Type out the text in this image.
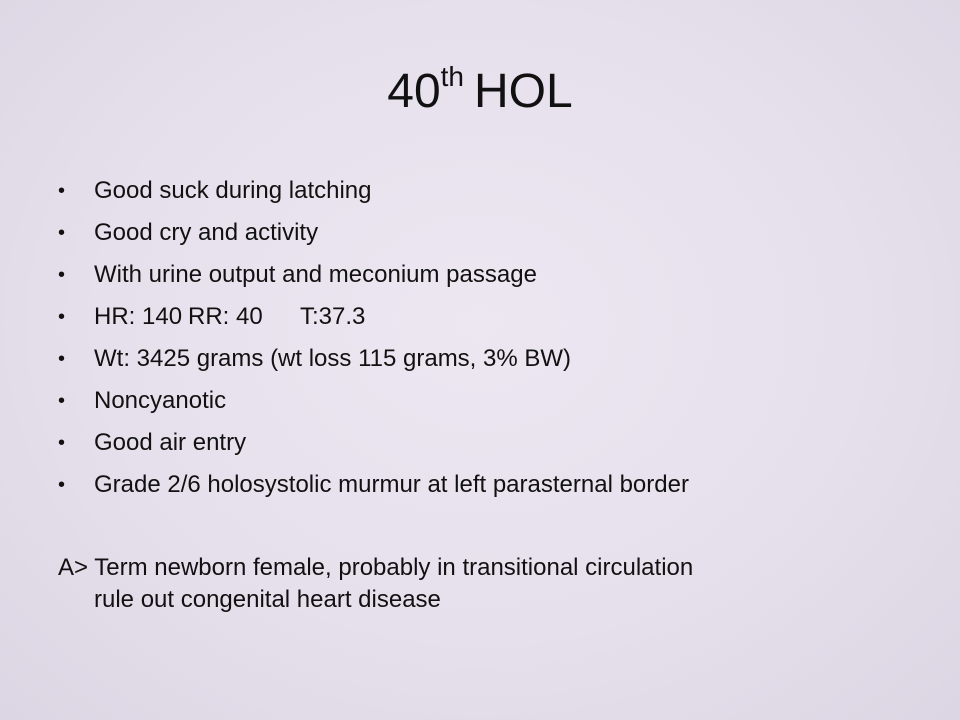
40th HOL
•	Good suck during latching
•	Good cry and activity
•	With urine output and meconium passage
•	HR: 140 RR: 40 T:37.3
•	Wt: 3425 grams (wt loss 115 grams, 3% BW)
•	Noncyanotic
•	Good air entry
•	Grade 2/6 holosystolic murmur at left parasternal border

A> Term newborn female, probably in transitional circulation
rule out congenital heart disease
